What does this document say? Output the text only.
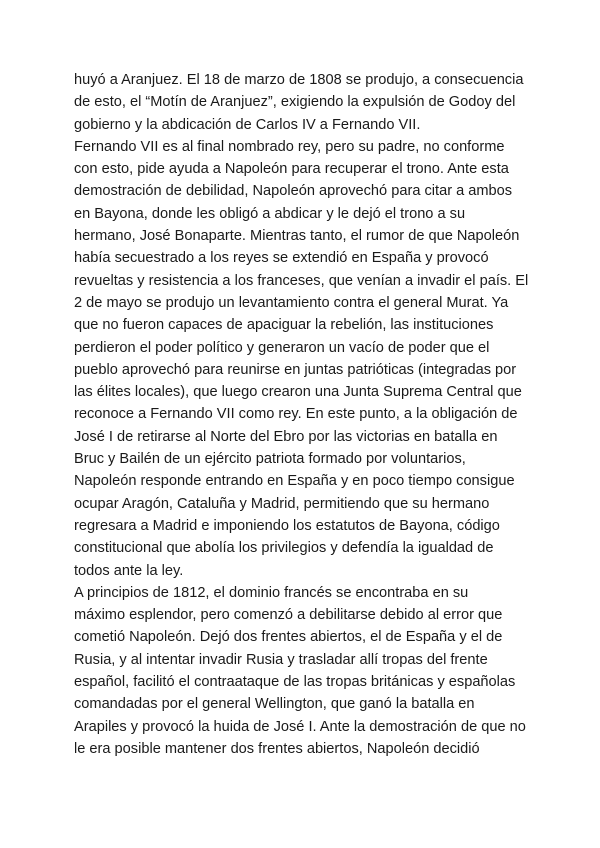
huyó a Aranjuez. El 18 de marzo de 1808 se produjo, a consecuencia
de esto, el “Motín de Aranjuez”, exigiendo la expulsión de Godoy del
gobierno y la abdicación de Carlos IV a Fernando VII.
Fernando VII es al final nombrado rey, pero su padre, no conforme
con esto, pide ayuda a Napoleón para recuperar el trono. Ante esta
demostración de debilidad, Napoleón aprovechó para citar a ambos
en Bayona, donde les obligó a abdicar y le dejó el trono a su
hermano, José Bonaparte. Mientras tanto, el rumor de que Napoleón
había secuestrado a los reyes se extendió en España y provocó
revueltas y resistencia a los franceses, que venían a invadir el país. El
2 de mayo se produjo un levantamiento contra el general Murat. Ya
que no fueron capaces de apaciguar la rebelión, las instituciones
perdieron el poder político y generaron un vacío de poder que el
pueblo aprovechó para reunirse en juntas patrióticas (integradas por
las élites locales), que luego crearon una Junta Suprema Central que
reconoce a Fernando VII como rey. En este punto, a la obligación de
José I de retirarse al Norte del Ebro por las victorias en batalla en
Bruc y Bailén de un ejército patriota formado por voluntarios,
Napoleón responde entrando en España y en poco tiempo consigue
ocupar Aragón, Cataluña y Madrid, permitiendo que su hermano
regresara a Madrid e imponiendo los estatutos de Bayona, código
constitucional que abolía los privilegios y defendía la igualdad de
todos ante la ley.
A principios de 1812, el dominio francés se encontraba en su
máximo esplendor, pero comenzó a debilitarse debido al error que
cometió Napoleón. Dejó dos frentes abiertos, el de España y el de
Rusia, y al intentar invadir Rusia y trasladar allí tropas del frente
español, facilitó el contraataque de las tropas británicas y españolas
comandadas por el general Wellington, que ganó la batalla en
Arapiles y provocó la huida de José I. Ante la demostración de que no
le era posible mantener dos frentes abiertos, Napoleón decidió
